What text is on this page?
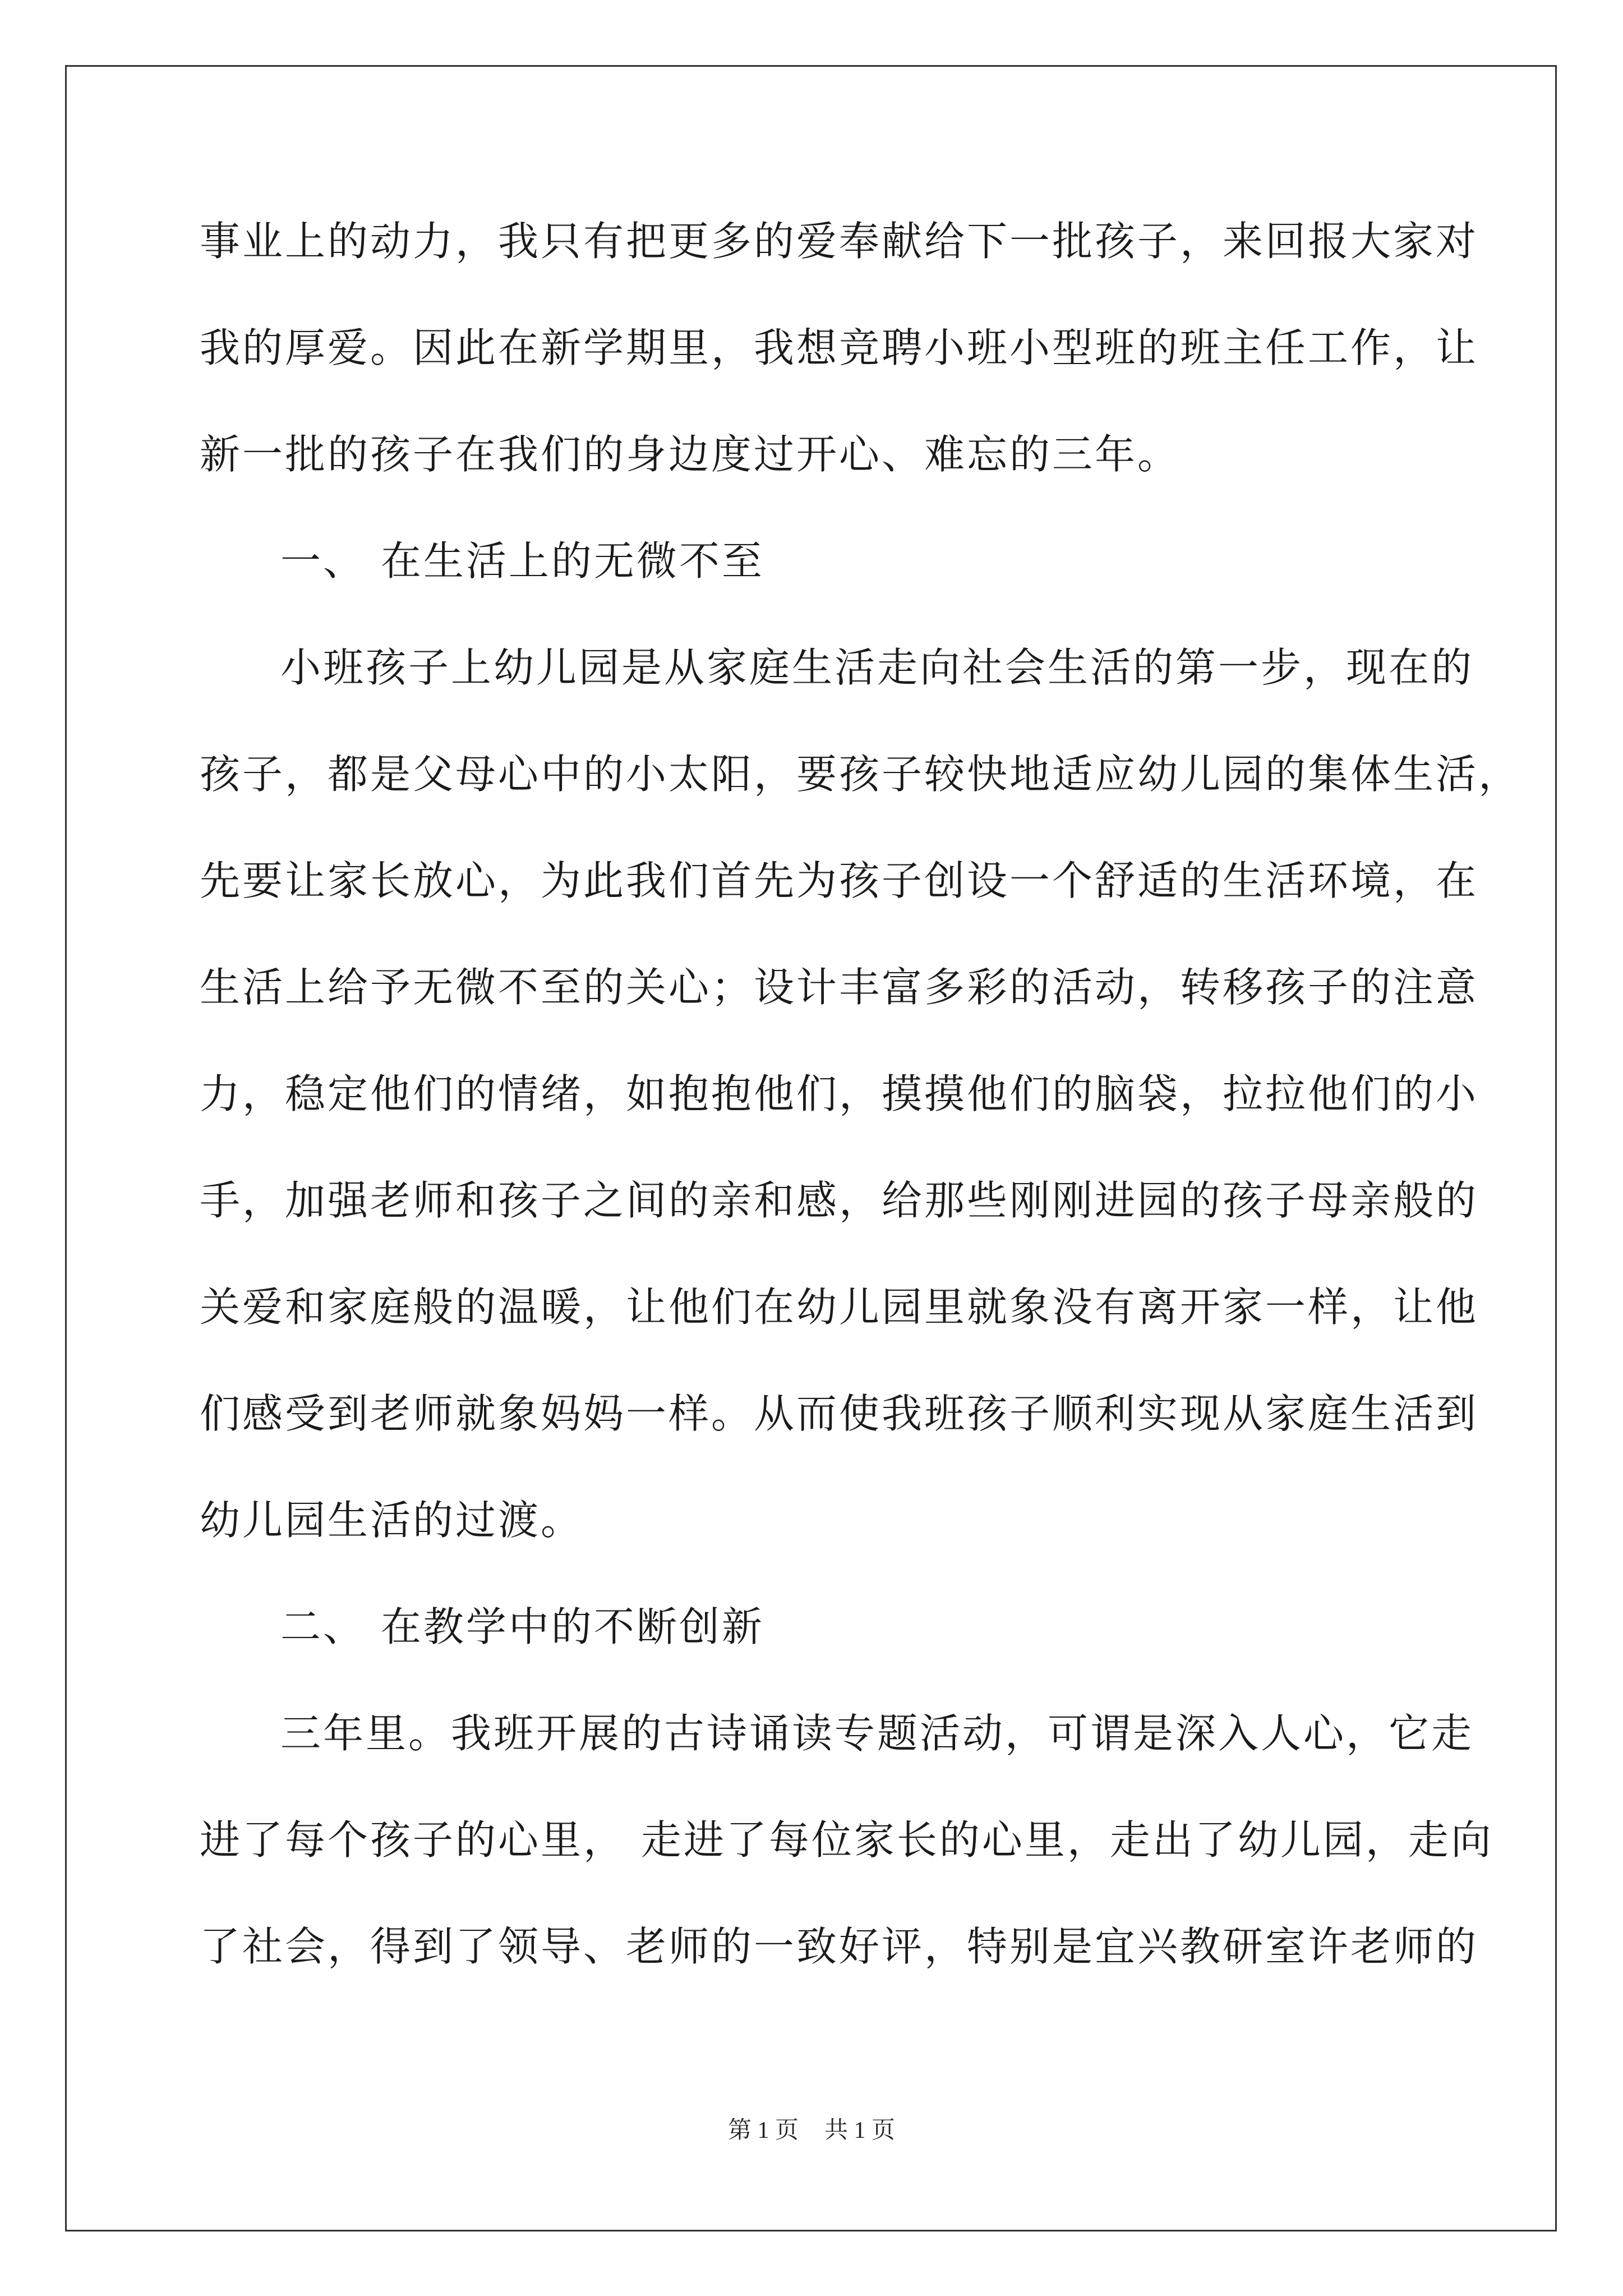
事业上的动力，我只有把更多的爱奉献给下一批孩子，来回报大家对
我的厚爱。因此在新学期里，我想竞聘小班小型班的班主任工作，让
新一批的孩子在我们的身边度过开心、难忘的三年。
一、 在生活上的无微不至
小班孩子上幼儿园是从家庭生活走向社会生活的第一步，现在的
孩子，都是父母心中的小太阳，要孩子较快地适应幼儿园的集体生活，
先要让家长放心，为此我们首先为孩子创设一个舒适的生活环境，在
生活上给予无微不至的关心；设计丰富多彩的活动，转移孩子的注意
力，稳定他们的情绪，如抱抱他们，摸摸他们的脑袋，拉拉他们的小
手，加强老师和孩子之间的亲和感，给那些刚刚进园的孩子母亲般的
关爱和家庭般的温暖，让他们在幼儿园里就象没有离开家一样，让他
们感受到老师就象妈妈一样。从而使我班孩子顺利实现从家庭生活到
幼儿园生活的过渡。
二、 在教学中的不断创新
三年里。我班开展的古诗诵读专题活动，可谓是深入人心，它走
进了每个孩子的心里， 走进了每位家长的心里，走出了幼儿园，走向
了社会，得到了领导、老师的一致好评，特别是宜兴教研室许老师的
第 1 页 共 1 页
